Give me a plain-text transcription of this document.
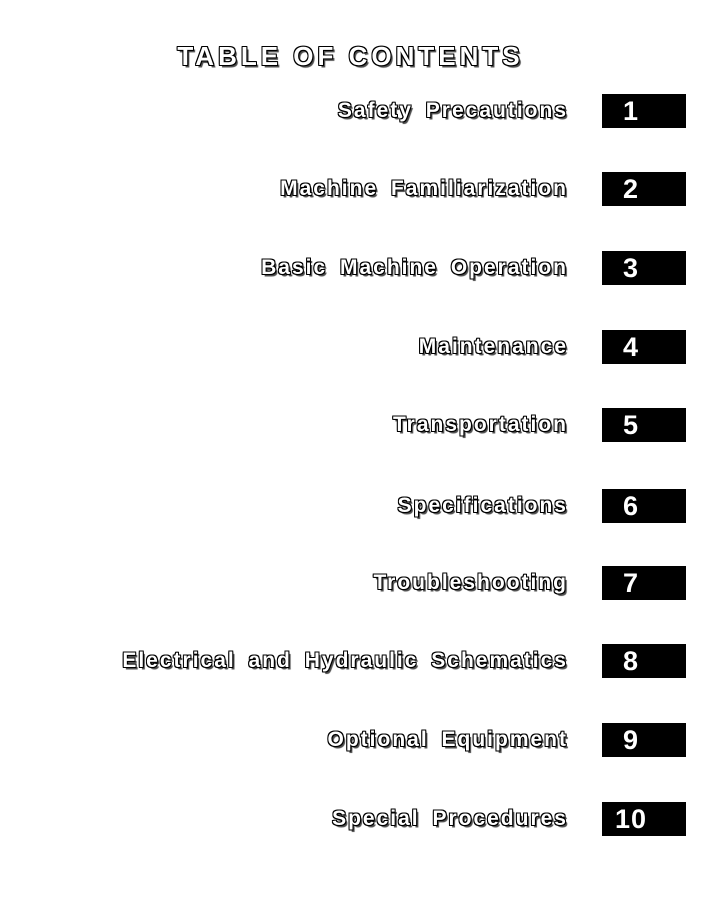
TABLE OF CONTENTS
Safety Precautions 1
Machine Familiarization 2
Basic Machine Operation 3
Maintenance 4
Transportation 5
Specifications 6
Troubleshooting 7
Electrical and Hydraulic Schematics 8
Optional Equipment 9
Special Procedures 10
